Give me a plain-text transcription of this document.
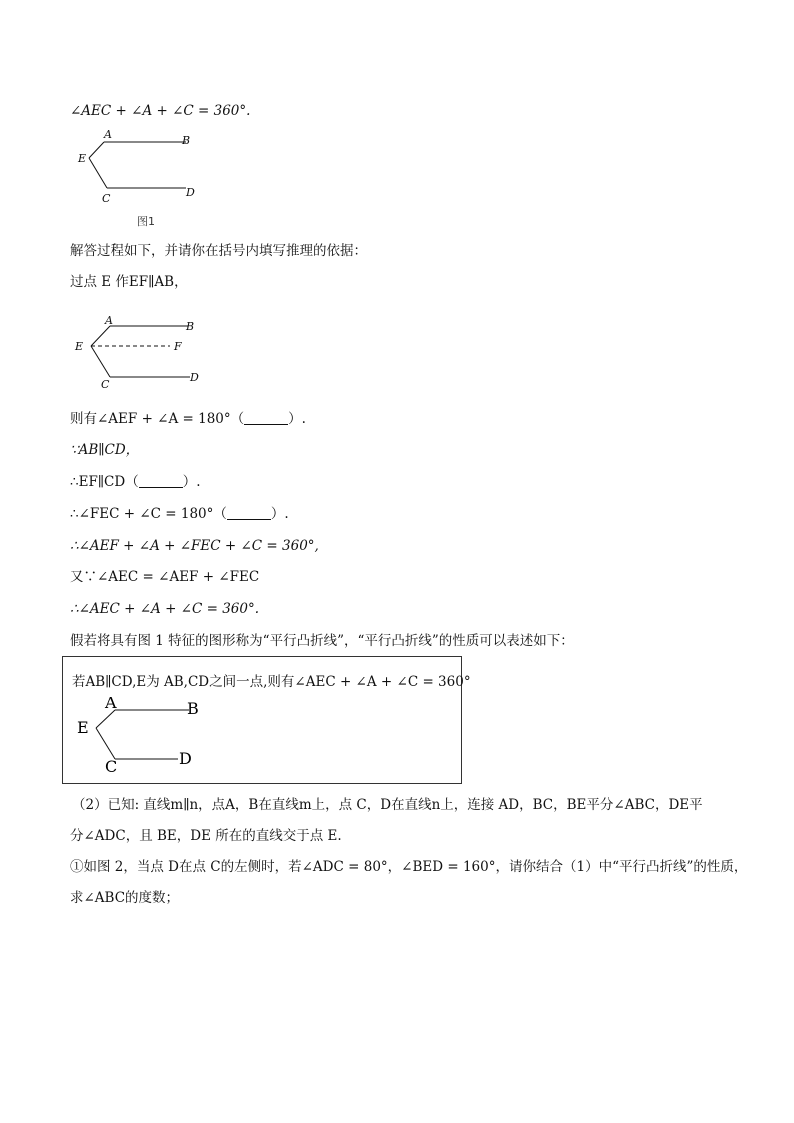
∠AEC + ∠A + ∠C = 360°.
A	B
E
C	D
图1
解答过程如下，并请你在括号内填写推理的依据：
过点 E 作EF∥AB，
A	B
E	F
C
D
则有∠AEF + ∠A = 180°（	）.
∵AB∥CD，
∴EF∥CD（	）.
∴∠FEC + ∠C = 180°（	）.
∴∠AEF + ∠A + ∠FEC + ∠C = 360°,
又∵∠AEC = ∠AEF + ∠FEC
∴∠AEC + ∠A + ∠C = 360°.
假若将具有图 1 特征的图形称为“平行凸折线”，“平行凸折线”的性质可以表述如下：
若AB∥CD,E为 AB,CD之间一点,则有∠AEC + ∠A + ∠C = 360°
A	B
E
C	D
（2）已知: 直线m∥n，点A，B在直线m上，点 C，D在直线n上，连接 AD，BC，BE平分∠ABC，DE平
分∠ADC，且 BE，DE 所在的直线交于点 E.
①如图 2，当点 D在点 C的左侧时，若∠ADC = 80°，∠BED = 160°，请你结合（1）中“平行凸折线”的性质，
求∠ABC的度数；
